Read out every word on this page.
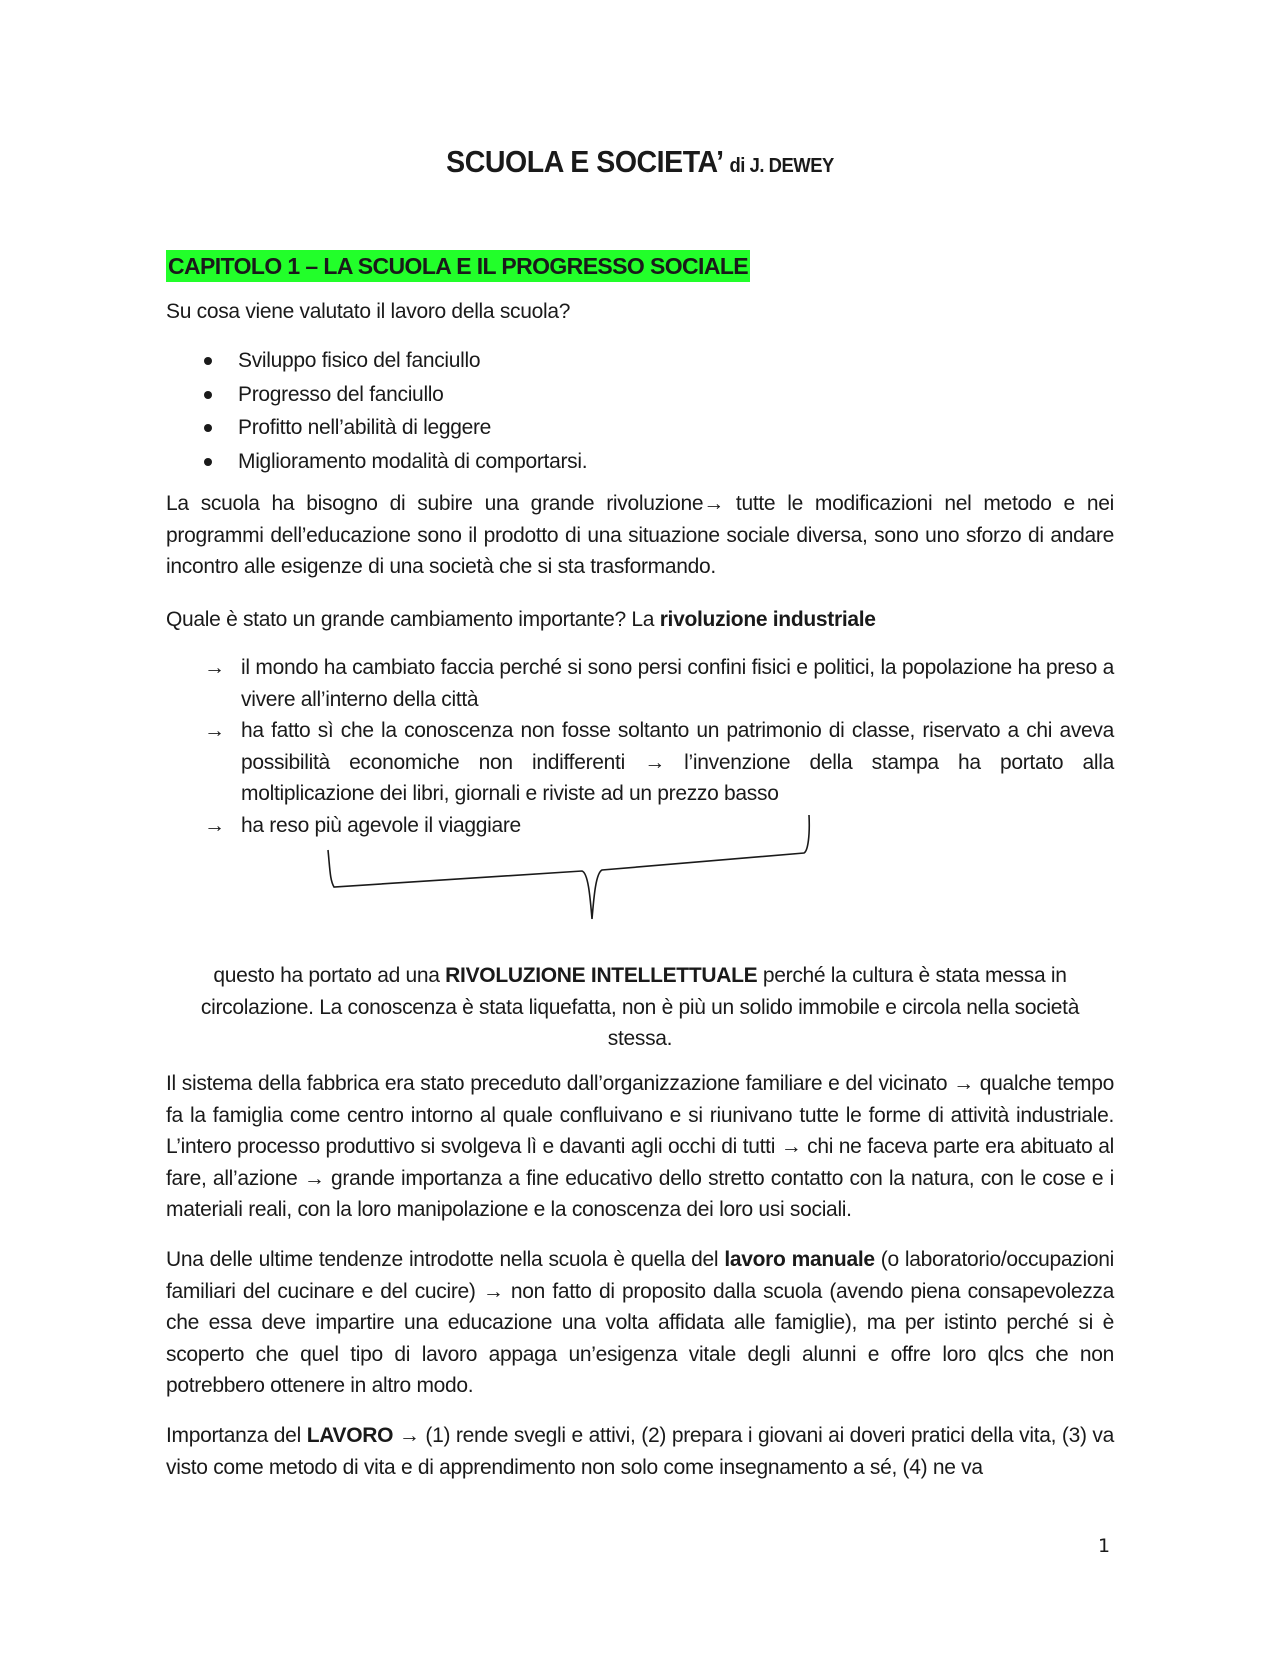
SCUOLA E SOCIETA’ di J. DEWEY
CAPITOLO 1 – LA SCUOLA E IL PROGRESSO SOCIALE

Su cosa viene valutato il lavoro della scuola?

Sviluppo fisico del fanciullo
Progresso del fanciullo
Profitto nell’abilità di leggere
Miglioramento modalità di comportarsi.

La scuola ha bisogno di subire una grande rivoluzione→ tutte le modificazioni nel metodo e nei programmi dell’educazione sono il prodotto di una situazione sociale diversa, sono uno sforzo di andare incontro alle esigenze di una società che si sta trasformando.

Quale è stato un grande cambiamento importante? La rivoluzione industriale

→ il mondo ha cambiato faccia perché si sono persi confini fisici e politici, la popolazione ha preso a vivere all’interno della città
→ ha fatto sì che la conoscenza non fosse soltanto un patrimonio di classe, riservato a chi aveva possibilità economiche non indifferenti → l’invenzione della stampa ha portato alla moltiplicazione dei libri, giornali e riviste ad un prezzo basso
→ ha reso più agevole il viaggiare

questo ha portato ad una RIVOLUZIONE INTELLETTUALE perché la cultura è stata messa in circolazione. La conoscenza è stata liquefatta, non è più un solido immobile e circola nella società stessa.

Il sistema della fabbrica era stato preceduto dall’organizzazione familiare e del vicinato → qualche tempo fa la famiglia come centro intorno al quale confluivano e si riunivano tutte le forme di attività industriale. L’intero processo produttivo si svolgeva lì e davanti agli occhi di tutti → chi ne faceva parte era abituato al fare, all’azione → grande importanza a fine educativo dello stretto contatto con la natura, con le cose e i materiali reali, con la loro manipolazione e la conoscenza dei loro usi sociali.

Una delle ultime tendenze introdotte nella scuola è quella del lavoro manuale (o laboratorio/occupazioni familiari del cucinare e del cucire) → non fatto di proposito dalla scuola (avendo piena consapevolezza che essa deve impartire una educazione una volta affidata alle famiglie), ma per istinto perché si è scoperto che quel tipo di lavoro appaga un’esigenza vitale degli alunni e offre loro qlcs che non potrebbero ottenere in altro modo.

Importanza del LAVORO → (1) rende svegli e attivi, (2) prepara i giovani ai doveri pratici della vita, (3) va visto come metodo di vita e di apprendimento non solo come insegnamento a sé, (4) ne va

1
